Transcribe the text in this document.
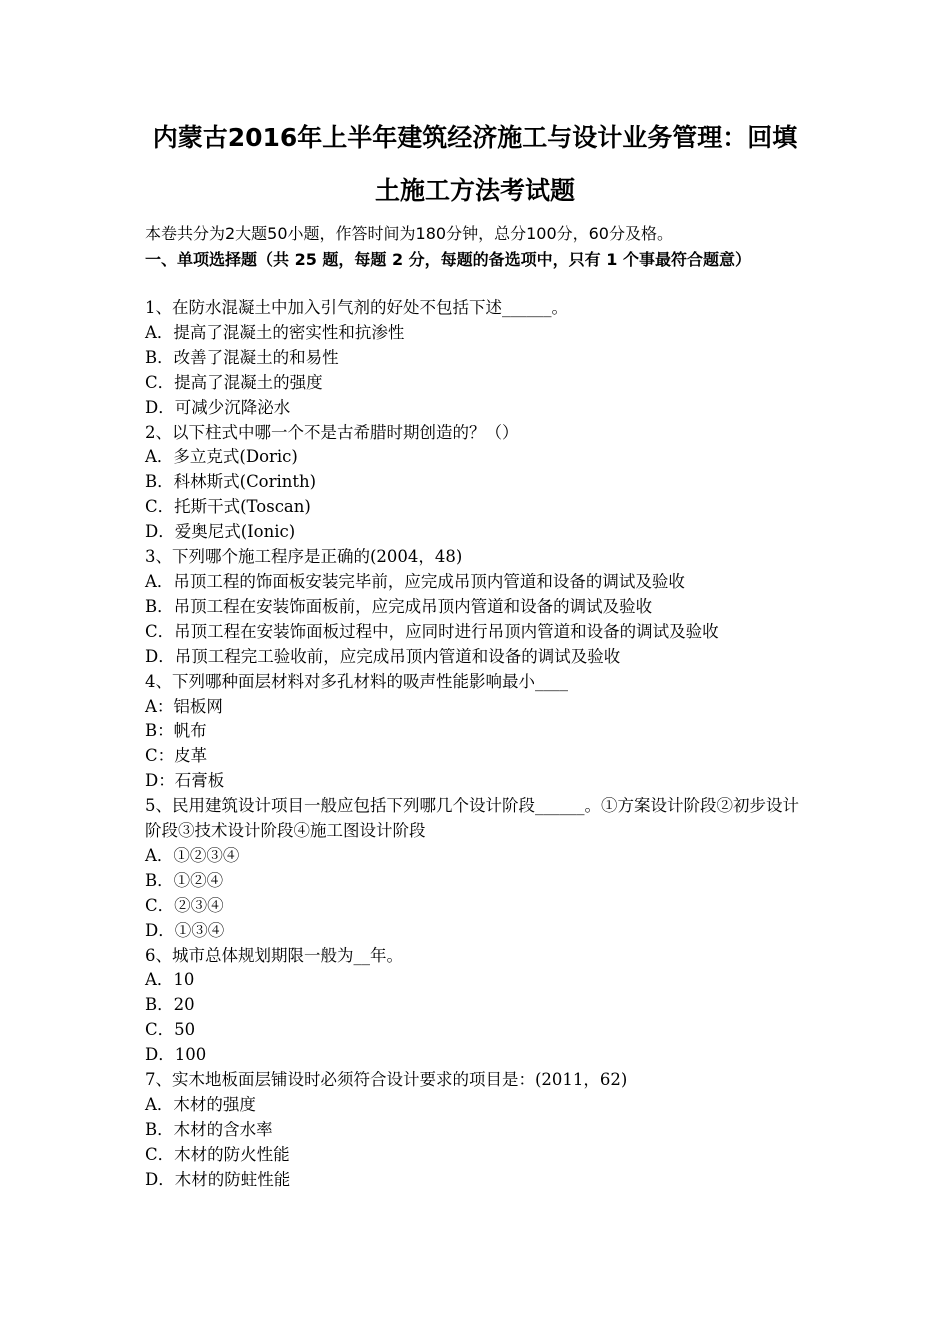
内蒙古2016年上半年建筑经济施工与设计业务管理：回填
土施工方法考试题
本卷共分为2大题50小题，作答时间为180分钟，总分100分，60分及格。
一、单项选择题（共 25 题，每题 2 分，每题的备选项中，只有 1 个事最符合题意）
1、在防水混凝土中加入引气剂的好处不包括下述______。
A．提高了混凝土的密实性和抗渗性
B．改善了混凝土的和易性
C．提高了混凝土的强度
D．可减少沉降泌水
2、以下柱式中哪一个不是古希腊时期创造的？（）
A．多立克式(Doric)
B．科林斯式(Corinth)
C．托斯干式(Toscan)
D．爱奥尼式(Ionic)
3、下列哪个施工程序是正确的(2004，48)
A．吊顶工程的饰面板安装完毕前，应完成吊顶内管道和设备的调试及验收
B．吊顶工程在安装饰面板前，应完成吊顶内管道和设备的调试及验收
C．吊顶工程在安装饰面板过程中，应同时进行吊顶内管道和设备的调试及验收
D．吊顶工程完工验收前，应完成吊顶内管道和设备的调试及验收
4、下列哪种面层材料对多孔材料的吸声性能影响最小____
A：铝板网
B：帆布
C：皮革
D：石膏板
5、民用建筑设计项目一般应包括下列哪几个设计阶段______。①方案设计阶段②初步设计阶段③技术设计阶段④施工图设计阶段
A．①②③④
B．①②④
C．②③④
D．①③④
6、城市总体规划期限一般为__年。
A．10
B．20
C．50
D．100
7、实木地板面层铺设时必须符合设计要求的项目是：(2011，62)
A．木材的强度
B．木材的含水率
C．木材的防火性能
D．木材的防蛀性能
